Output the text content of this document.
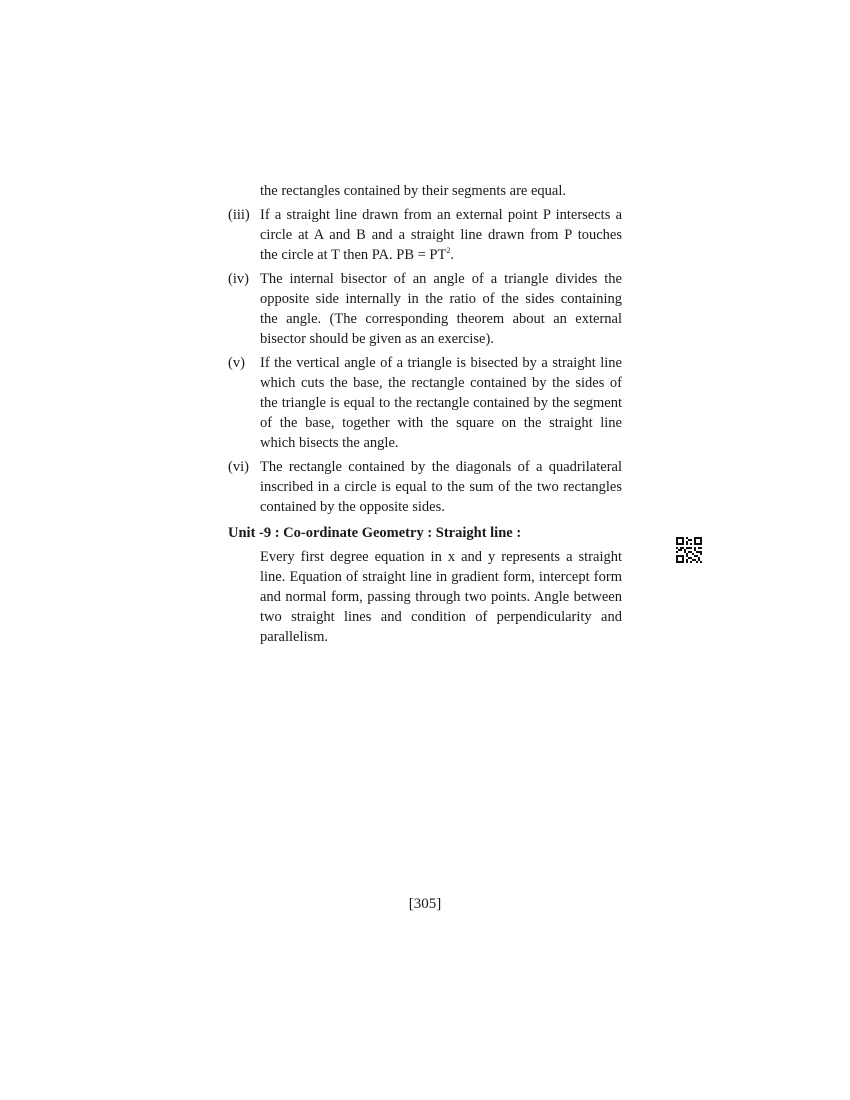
the rectangles contained by their segments are equal.
(iii) If a straight line drawn from an external point P intersects a
circle at A and B and a straight line drawn from P touches
the circle at T then PA. PB = $PT^2$.
(iv) The internal bisector of an angle of a triangle divides the
opposite side internally in the ratio of the sides containing
the angle. (The corresponding theorem about an external
bisector should be given as an exercise).
(v)	If the vertical angle of a triangle is bisected by a straight line
which cuts the base, the rectangle contained by the sides of
the triangle is equal to the rectangle contained by the segment
of the base, together with the square on the straight line
which bisects the angle.
(vi) The rectangle contained by the diagonals of a quadrilateral
inscribed in a circle is equal to the sum of the two rectangles
contained by the opposite sides.
Unit -9 : Co-ordinate Geometry : Straight line :
Every first degree equation in x and y represents a straight
line. Equation of straight line in gradient form, intercept form
and normal form, passing through two points. Angle between
two straight lines and condition of perpendicularity and
parallelism.
[305]
